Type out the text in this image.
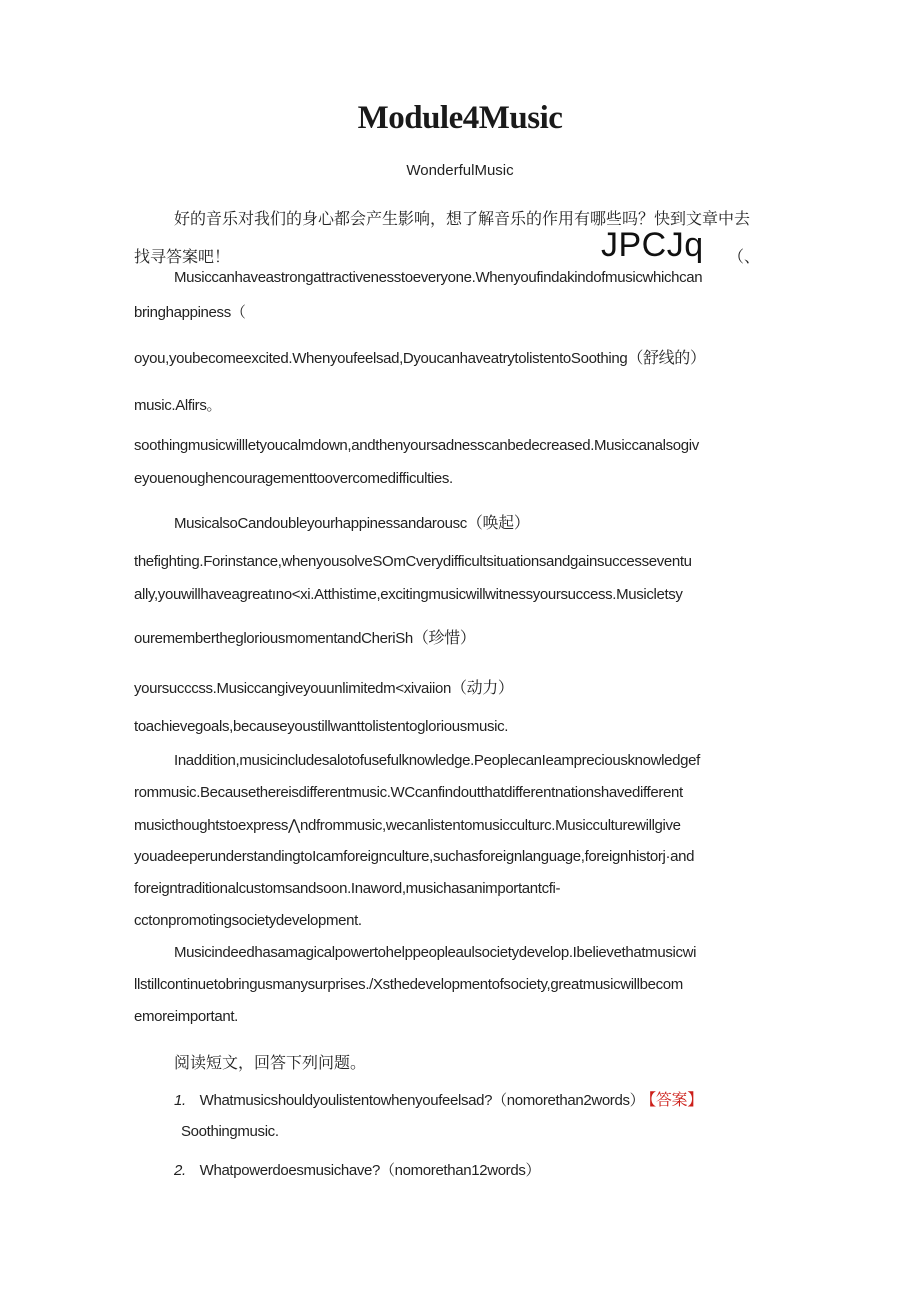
Module4Music
WonderfulMusic
好的音乐对我们的身心都会产生影响，想了解音乐的作用有哪些吗？快到文章中去
找寻答案吧！	JPCJq （、
Musiccanhaveastrongattractivenesstoeveryone.Whenyoufindakindofmusicwhichcan
bringhappiness（
oyou,youbecomeexcited.Whenyoufeelsad,DyoucanhaveatrytolistentoSoothing（舒线的）
music.Alfirs。
soothingmusicwillletyoucalmdown,andthenyoursadnesscanbedecreased.Musiccanalsogiv
eyouenoughencouragementtoovercomedifficulties.
MusicalsoCandoubleyourhappinessandarousc（唤起）
thefighting.Forinstance,whenyousolveSOmCverydifficultsituationsandgainsuccesseventu
ally,youwillhaveagreatıno<xi.Atthistime,excitingmusicwillwitnessyoursuccess.Musicletsy
ourememberthegloriousmomentandCheriSh（珍惜）
yoursucccss.Musiccangiveyouunlimitedm<xivaiion（动力）
toachievegoals,becauseyoustillwanttolistentogloriousmusic.
Inaddition,musicincludesalotofusefulknowledge.PeoplecanIeampreciousknowledgef
rommusic.Becausethereisdifferentmusic.WCcanfindoutthatdifferentnationshavedifferent
musicthoughtstoexpress⋀ndfrommusic,wecanlistentomusicculturc.Musicculturewillgive
youadeeperunderstandingtoIcamforeignculture,suchasforeignlanguage,foreignhistorj·and
foreigntraditionalcustomsandsoon.Inaword,musichasanimportantcfi-
cctonpromotingsocietydevelopment.
Musicindeedhasamagicalpowertohelppeopleaulsocietydevelop.Ibelievethatmusicwi
llstillcontinuetobringusmanysurprises./Xsthedevelopmentofsociety,greatmusicwillbecom
emoreimportant.
阅读短文，回答下列问题。
1. Whatmusicshouldyoulistentowhenyoufeelsad?（nomorethan2words） 【答案】
Soothingmusic.
2. Whatpowerdoesmusichave?（nomorethan12words）
